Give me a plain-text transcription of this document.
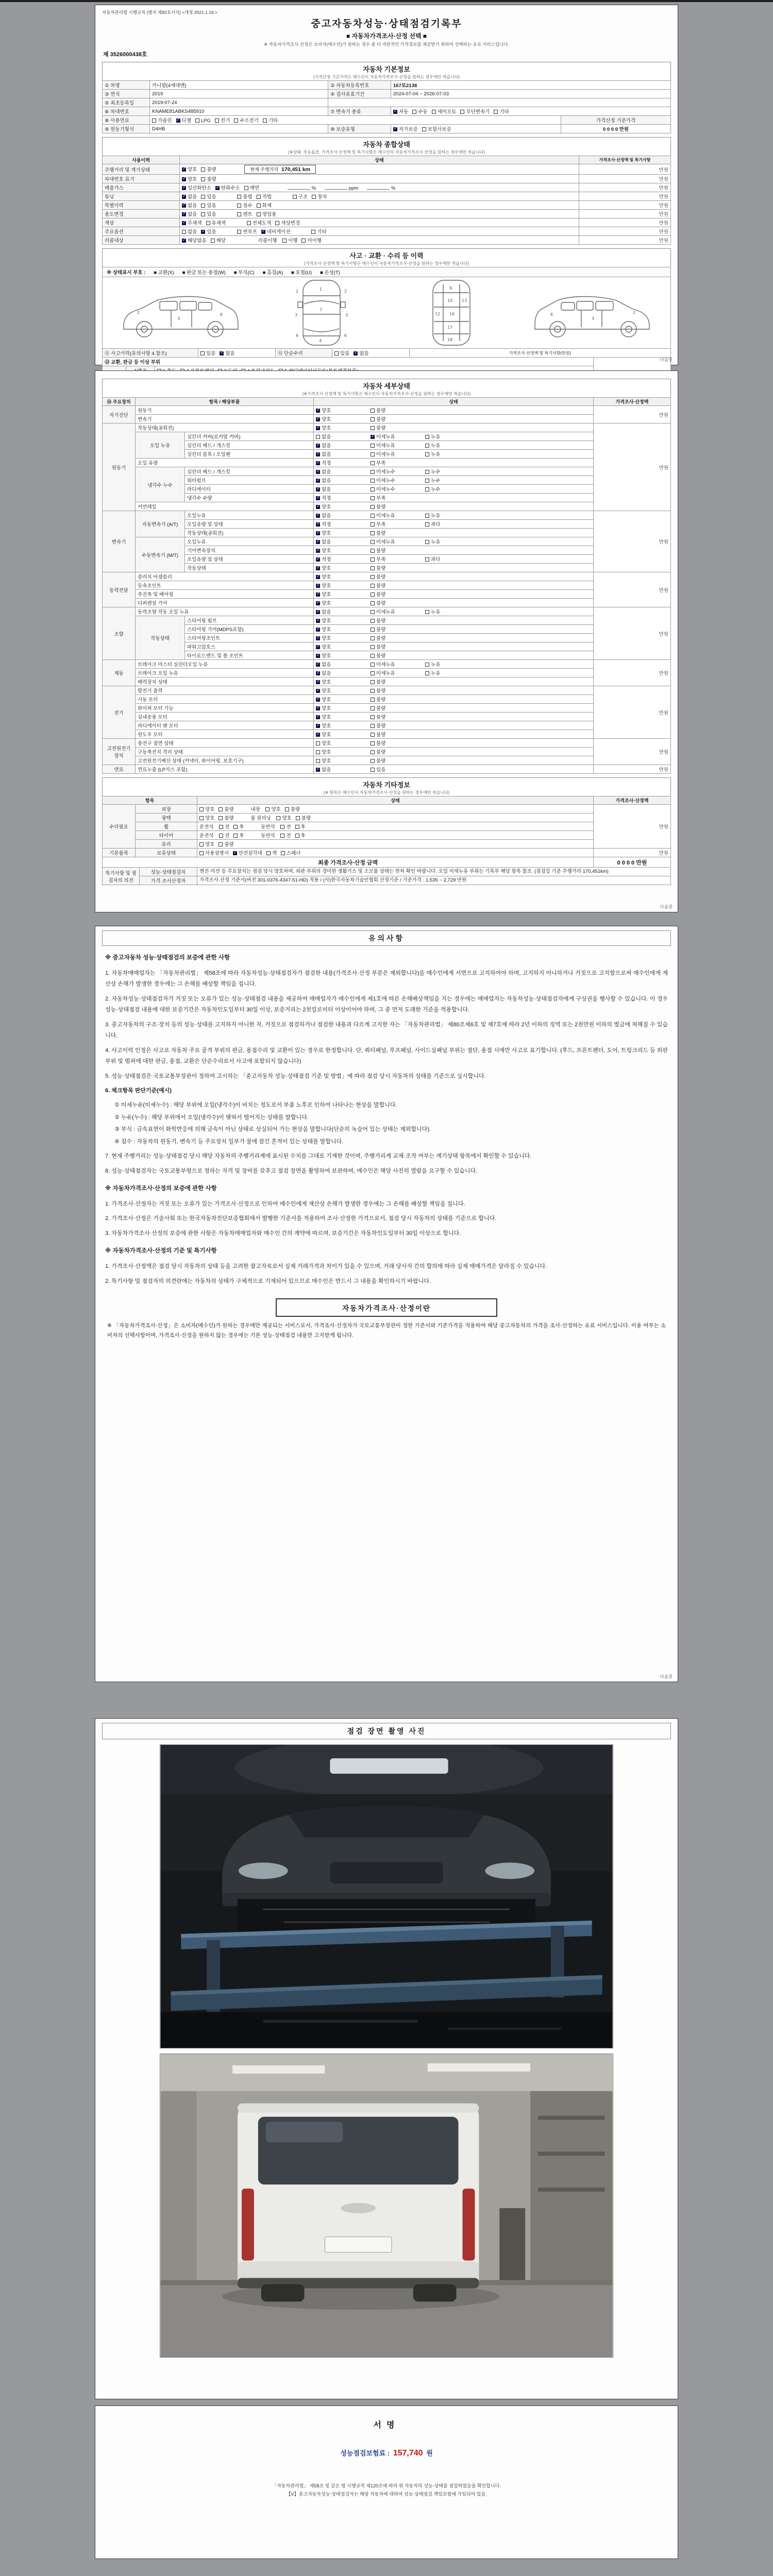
자동차관리법 시행규칙 [별지 제82호서식] <개정 2021.1.19.>
중고자동차성능·상태점검기록부
■ 자동차가격조사·산정 선택 ■
※ 자동차가격조사·산정은 소비자(매수인)가 원하는 경우 좀 더 객관적인 가격정보를 제공받기 위하여 선택하는 유료 서비스입니다.
제 3526000438호
자동차 기본정보
(가격산정 기준가격은 매수인이 자동차가격조사·산정을 원하는 경우에만 적습니다)
① 차명	카니발(4세대밴)	② 자동차등록번호	167로2138	
③ 연식	2019	④ 검사유효기간	2024-07-04 ~ 2026-07-03	
⑤ 최초등록일	2019-07-24			
⑥ 차대번호	KNAME81ABKS485910	⑦ 변속기 종류	✓자동 수동 세미오토 무단변속기 기타
⑧ 사용연료	가솔린 ✓ 디젤 LPG 전기 수소전기 기타			가격산정 기준가격
⑨ 원동기형식	D4HB	⑩ 보증유형	✓자가보증 보험사보증	0 0 0 0 만원
자동차 종합상태
(※상태, 주요옵션, 가격조사·산정액 및 특기사항은 매수인이 자동차가격조사·산정을 원하는 경우에만 적습니다)
사용이력	상태	가격조사·산정액 및 특기사항
주행거리 및 계기상태	✓양호 불량 현재 주행거리 170,451 km	만원
차대번호 표기	✓양호 불량	만원
배출가스	✓일산화탄소 ✓ 탄화수소 매연 % ppm %	만원
튜닝	✓없음 있음 불법 적법 구조 장치	만원
특별이력	✓없음 있음 침수 화재	만원
용도변경	✓없음 있음 렌트 영업용	만원
색상	✓무채색 유채색 전체도색 색상변경	만원
주요옵션	없음 ✓ 있음 썬루프 ✓ 네비게이션 기타	만원
리콜대상	✓해당없음 해당 리콜이행 이행 미이행	만원
사고 · 교환 · 수리 등 이력
(가격조사·산정액 및 특기사항은 매수인이 자동차가격조사·산정을 원하는 경우에만 적습니다)
※ 상태표시 부호 : ■ 교환(X) ■ 판금 또는 용접(W) ■ 부식(C) ■ 흠집(A) ■ 요철(U) ■ 손상(T)
2
3
6
1
7
4
2	2
6	6
3	3
9
10
12 16
13
17
18
6
3
2
⑪ 사고이력(유의사항 4.참조)	있음 ✓ 없음	⑫ 단순수리	있음 ✓ 없음	가격조사·산정액 및 특기사항(만원)
⑬ 교환, 판금 등 이상 부위	

		다음장
자동차 세부상태
(※가격조사·산정액 및 특기사항은 매수인이 자동차가격조사·산정을 원하는 경우에만 적습니다)
⑭ 주요장치	항목 / 해당부품		상태	가격조사·산정액
자기진단	원동기	✓양호 불량	만원
	변속기	✓양호 불량
원동기	작동상태(공회전)	✓양호 불량	만원
	오일 누유	실린더 커버(로커암 커버)	없음 ✓ 미세누유 누유
		실린더 헤드 / 개스킷	✓없음 미세누유 누유
		실린더 블록 / 오일팬	✓없음 미세누유 누유
	오일 유량	✓적정 부족
	냉각수 누수	실린더 헤드 / 개스킷	✓없음 미세누수 누수
		워터펌프	✓없음 미세누수 누수
		라디에이터	✓없음 미세누수 누수
		냉각수 수량	✓적정 부족
	커먼레일	✓양호 불량
변속기	자동변속기 (A/T)	오일누유	✓없음 미세누유 누유	만원
		오일유량 및 상태	✓적정 부족 과다
		작동상태(공회전)	✓양호 불량
	수동변속기 (M/T)	오일누유	✓없음 미세누유 누유
		기어변속장치	✓양호 불량
		오일유량 및 상태	✓적정 부족 과다
		작동상태	✓양호 불량
동력전달	클러치 어셈블리	✓양호 불량	만원
	등속조인트	✓양호 불량
	추진축 및 베어링	✓양호 불량
	디퍼렌셜 기어	✓양호 불량
조향	동력조향 작동 오일 누유	✓없음 미세누유 누유	만원
	작동상태	스티어링 펌프	✓양호 불량
		스티어링 기어(MDPS포함)	✓양호 불량
		스티어링조인트	✓양호 불량
		파워고압호스	✓양호 불량
		타이로드엔드 및 볼 조인트	✓양호 불량
제동	브레이크 마스터 실린더오일 누유	✓없음 미세누유 누유	만원
	브레이크 오일 누유	✓없음 미세누유 누유
	배력장치 상태	✓양호 불량
전기	발전기 출력	✓양호 불량	만원
	시동 모터	✓양호 불량
	와이퍼 모터 기능	✓양호 불량
	실내송풍 모터	✓양호 불량
	라디에이터 팬 모터	✓양호 불량
	원도우 모터	✓양호 불량
고전원전기장치	충전구 절연 상태		양호 불량	만원
	구동축전지 격리 상태		양호 불량	
	고전원전기배선 상태 (커넥터, 와이어링, 보호기구)		양호 불량	
연료	연료누출 (LP가스 포함)	✓없음 있음	만원
자동차 기타정보
(※ 항목은 매수인이 자동차가격조사·산정을 원하는 경우에만 적습니다)
항목		상태	가격조사·산정액
수리필요	외장	양호 불량 내장 양호 불량	만원
	광택	양호 불량 룸 클리닝 양호 불량	
	휠	운전석 전 후 동반석 전 후	
	타이어	운전석 전 후 동반석 전 후	
	유리	양호 불량	
기본품목	보유상태	사용설명서 ✓ 안전삼각대 잭 스패너	만원
최종 가격조사·산정 금액	0 0 0 0 만원
특기사항 및 점검자의 의견	성능·상태점검자	엔진·미션 등 주요장치는 점검 당시 양호하며, 외판 부위의 경미한 생활기스 및 소모품 상태는 현차 확인 바랍니다. 오일 미세누유 부위는 기록부 해당 항목 참조. (점검일 기준 주행거리 170,451km)
	가격·조사산정자	가격조사·산정 기준서(버전 301-0376-4347-51-HD) 적용 / (사)한국자동차기술인협회 산정기준 / 기준가격 : 1,535 ~ 2,729 만원
다음장
유의사항
※ 중고자동차 성능·상태점검의 보증에 관한 사항

1. 자동차매매업자는 「자동차관리법」 제58조에 따라 자동차성능·상태점검자가 점검한 내용(가격조사·산정 부분은 제외합니다)을 매수인에게 서면으로 고지하여야 하며, 고지하지 아니하거나 거짓으로 고지함으로써 매수인에게 재산상 손해가 발생한 경우에는 그 손해를 배상할 책임을 집니다.

2. 자동차성능·상태점검자가 거짓 또는 오류가 있는 성능·상태점검 내용을 제공하여 매매업자가 매수인에게 제1호에 따른 손해배상책임을 지는 경우에는 매매업자는 자동차성능·상태점검자에게 구상권을 행사할 수 있습니다. 이 경우 성능·상태점검 내용에 대한 보증기간은 자동차인도일부터 30일 이상, 보증거리는 2천킬로미터 이상이어야 하며, 그 중 먼저 도래한 기준을 적용합니다.

3. 중고자동차의 구조·장치 등의 성능·상태를 고지하지 아니한 자, 거짓으로 점검하거나 점검한 내용과 다르게 고지한 자는 「자동차관리법」 제80조제6호 및 제7호에 따라 2년 이하의 징역 또는 2천만원 이하의 벌금에 처해질 수 있습니다.

4. 사고이력 인정은 사고로 자동차 주요 골격 부위의 판금, 용접수리 및 교환이 있는 경우로 한정합니다. 단, 쿼터패널, 루프패널, 사이드실패널 부위는 절단, 용접 시에만 사고로 표기합니다. (후드, 프론트펜더, 도어, 트렁크리드 등 외판 부위 및 범퍼에 대한 판금, 용접, 교환은 단순수리로서 사고에 포함되지 않습니다)

5. 성능·상태점검은 국토교통부장관이 정하여 고시하는 「중고자동차 성능·상태점검 기준 및 방법」에 따라 점검 당시 자동차의 상태를 기준으로 실시합니다.

6. 체크항목 판단기준(예시)

① 미세누유(미세누수) : 해당 부위에 오일(냉각수)이 비치는 정도로서 부품 노후로 인하여 나타나는 현상을 말합니다.

② 누유(누수) : 해당 부위에서 오일(냉각수)이 맺혀서 떨어지는 상태를 말합니다.

③ 부식 : 금속표면이 화학반응에 의해 금속이 아닌 상태로 상실되어 가는 현상을 말합니다(단순히 녹슬어 있는 상태는 제외합니다).

④ 침수 : 자동차의 원동기, 변속기 등 주요장치 일부가 물에 잠긴 흔적이 있는 상태를 말합니다.

7. 현재 주행거리는 성능·상태점검 당시 해당 자동차의 주행거리계에 표시된 수치를 그대로 기재한 것이며, 주행거리계 교체·조작 여부는 계기상태 항목에서 확인할 수 있습니다.

8. 성능·상태점검자는 국토교통부령으로 정하는 자격 및 장비를 갖추고 점검 장면을 촬영하여 보관하며, 매수인은 해당 사진의 열람을 요구할 수 있습니다.

※ 자동차가격조사·산정의 보증에 관한 사항

1. 가격조사·산정자는 거짓 또는 오류가 있는 가격조사·산정으로 인하여 매수인에게 재산상 손해가 발생한 경우에는 그 손해를 배상할 책임을 집니다.

2. 가격조사·산정은 기술사회 또는 한국자동차진단보증협회에서 발행한 기준서를 적용하여 조사·산정한 가격으로서, 점검 당시 자동차의 상태를 기준으로 합니다.

3. 자동차가격조사·산정의 보증에 관한 사항은 자동차매매업자와 매수인 간의 계약에 따르며, 보증기간은 자동차인도일부터 30일 이상으로 합니다.

※ 자동차가격조사·산정의 기준 및 특기사항

1. 가격조사·산정액은 점검 당시 자동차의 상태 등을 고려한 참고자료로서 실제 거래가격과 차이가 있을 수 있으며, 거래 당사자 간의 합의에 따라 실제 매매가격은 달라질 수 있습니다.

2. 특기사항 및 점검자의 의견란에는 자동차의 상태가 구체적으로 기재되어 있으므로 매수인은 반드시 그 내용을 확인하시기 바랍니다.

자동차가격조사·산정이란
※ 「자동차가격조사·산정」은 소비자(매수인)가 원하는 경우에만 제공되는 서비스로서, 가격조사·산정자가 국토교통부장관이 정한 기준서와 기준가격을 적용하여 해당 중고자동차의 가격을 조사·산정하는 유료 서비스입니다. 이용 여부는 소비자의 선택사항이며, 가격조사·산정을 원하지 않는 경우에는 기본 성능·상태점검 내용만 고지받게 됩니다.
다음장
점검 장면 촬영 사진
서명
성능점검보험료 : 157,740 원
「자동차관리법」 제58조 및 같은 법 시행규칙 제120조에 따라 위 자동차의 성능·상태를 점검하였음을 확인합니다.
【Ⅴ】중고자동차성능·상태점검자는 해당 자동차에 대하여 성능·상태점검 책임보험에 가입되어 있음.
